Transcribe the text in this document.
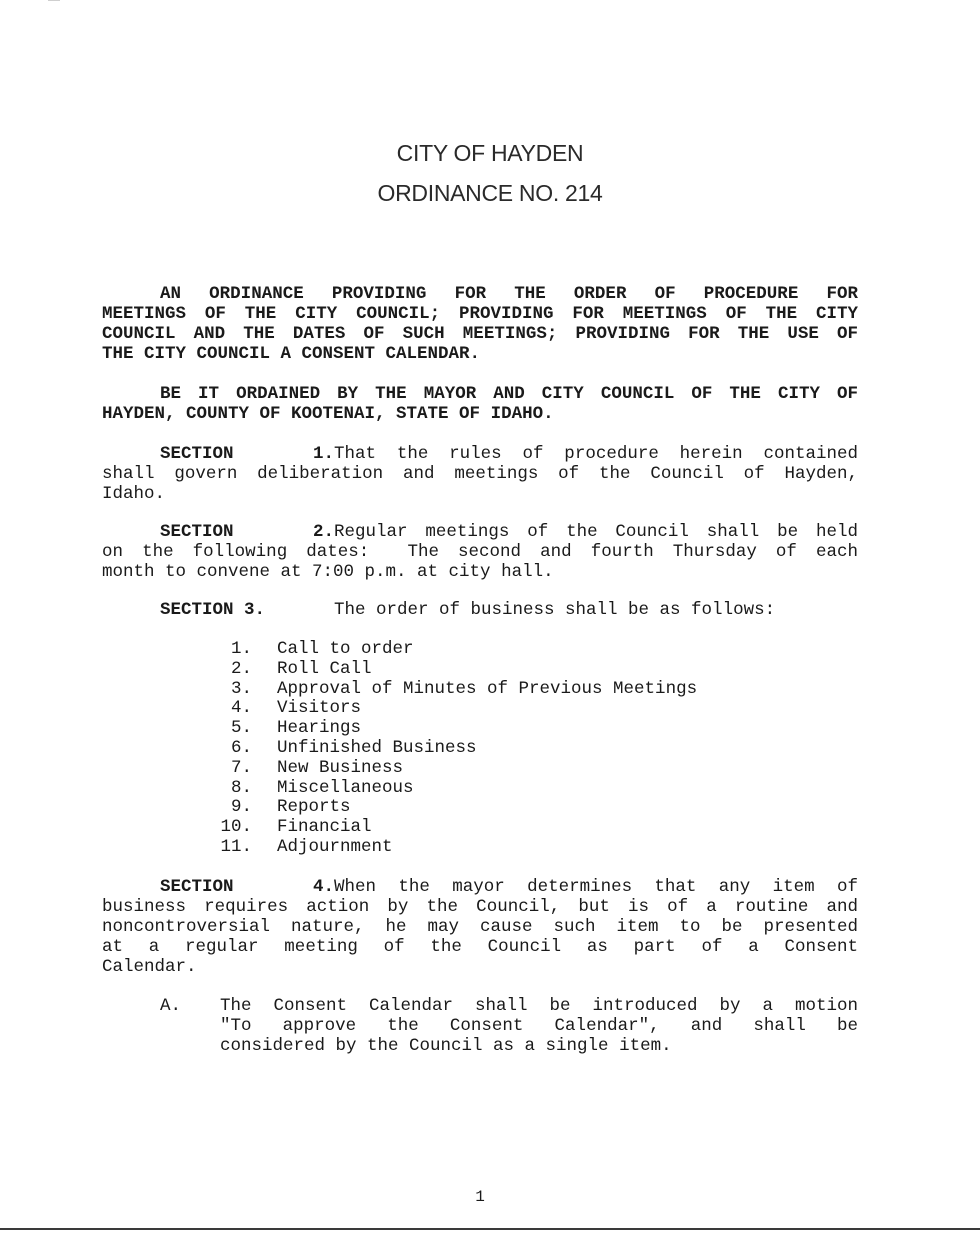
CITY OF HAYDEN
ORDINANCE NO. 214
AN ORDINANCE PROVIDING FOR THE ORDER OF PROCEDURE FOR
MEETINGS OF THE CITY COUNCIL; PROVIDING FOR MEETINGS OF THE CITY
COUNCIL AND THE DATES OF SUCH MEETINGS; PROVIDING FOR THE USE OF
THE CITY COUNCIL A CONSENT CALENDAR.
BE IT ORDAINED BY THE MAYOR AND CITY COUNCIL OF THE CITY OF
HAYDEN, COUNTY OF KOOTENAI, STATE OF IDAHO.
SECTION 1.That the rules of procedure herein contained
shall govern deliberation and meetings of the Council of Hayden,
Idaho.
SECTION 2.Regular meetings of the Council shall be held
on the following dates:  The second and fourth Thursday of each
month to convene at 7:00 p.m. at city hall.
SECTION 3.	The order of business shall be as follows:
1.	Call to order
2.	Roll Call
3.	Approval of Minutes of Previous Meetings
4.	Visitors
5.	Hearings
6.	Unfinished Business
7.	New Business
8.	Miscellaneous
9.	Reports
10.	Financial
11.	Adjournment
SECTION 4.When the mayor determines that any item of
business requires action by the Council, but is of a routine and
noncontroversial nature, he may cause such item to be presented
at a regular meeting of the Council as part of a Consent
Calendar.
A. The Consent Calendar shall be introduced by a motion
"To approve the Consent Calendar", and shall be
considered by the Council as a single item.
1
